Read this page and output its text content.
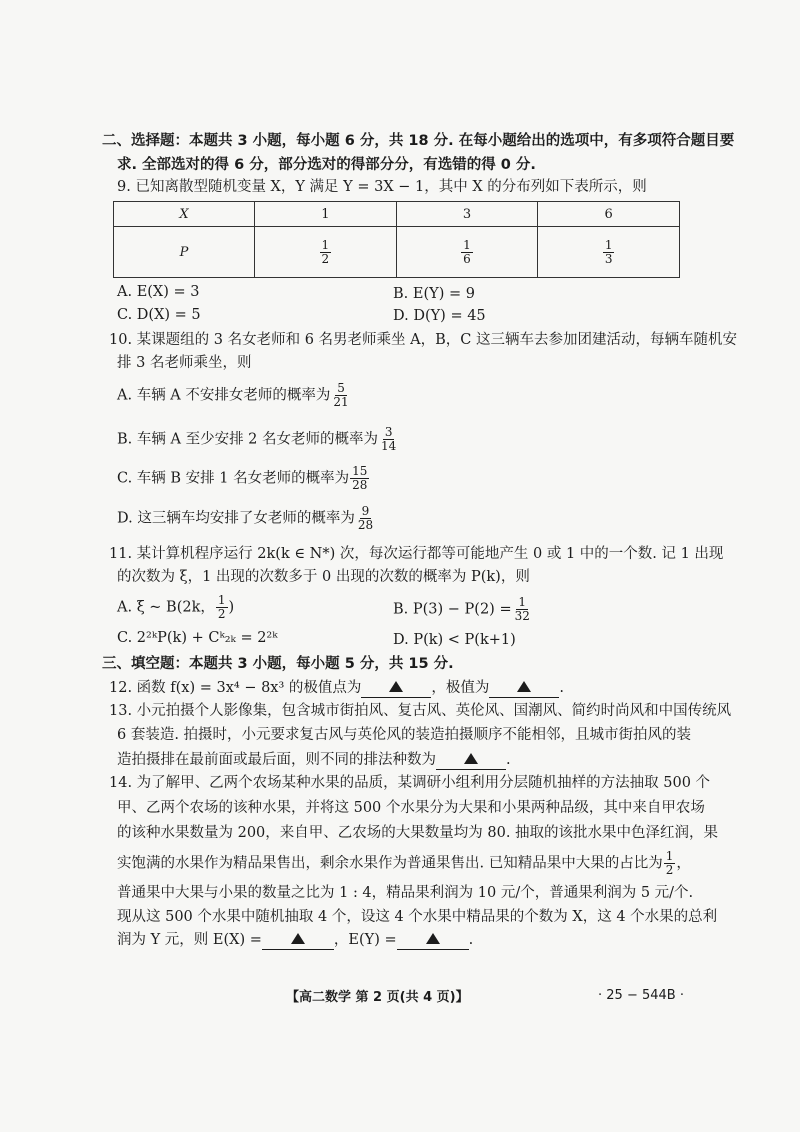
二、选择题：本题共 3 小题，每小题 6 分，共 18 分. 在每小题给出的选项中，有多项符合题目要
求. 全部选对的得 6 分，部分选对的得部分分，有选错的得 0 分.
9. 已知离散型随机变量 X，Y 满足 Y = 3X − 1，其中 X 的分布列如下表所示，则
X	1	3	6
P	$\frac{1}{2}$	$\frac{1}{6}$	$\frac{1}{3}$
A. E(X) = 3	B. E(Y) = 9
C. D(X) = 5	D. D(Y) = 45
10. 某课题组的 3 名女老师和 6 名男老师乘坐 A，B，C 这三辆车去参加团建活动，每辆车随机安
排 3 名老师乘坐，则
A. 车辆 A 不安排女老师的概率为 $\frac{5}{21}$
B. 车辆 A 至少安排 2 名女老师的概率为 $\frac{3}{14}$
C. 车辆 B 安排 1 名女老师的概率为 $\frac{15}{28}$
D. 这三辆车均安排了女老师的概率为 $\frac{9}{28}$
11. 某计算机程序运行 2k(k ∈ N*) 次，每次运行都等可能地产生 0 或 1 中的一个数. 记 1 出现
的次数为 ξ，1 出现的次数多于 0 出现的次数的概率为 P(k)，则
A. ξ ~ B(2k， $\frac{1}{2}$ )	B. $P(3) - P(2) = \frac{1}{32}$
C. 2²ᵏP(k) + Cᵏ₂ₖ = 2²ᵏ	D. P(k) < P(k+1)
三、填空题：本题共 3 小题，每小题 5 分，共 15 分.
12. 函数 f(x) = 3x⁴ − 8x³ 的极值点为	，极值为	.
13. 小元拍摄个人影像集，包含城市街拍风、复古风、英伦风、国潮风、简约时尚风和中国传统风
6 套装造. 拍摄时，小元要求复古风与英伦风的装造拍摄顺序不能相邻，且城市街拍风的装
造拍摄排在最前面或最后面，则不同的排法种数为	.
14. 为了解甲、乙两个农场某种水果的品质，某调研小组利用分层随机抽样的方法抽取 500 个
甲、乙两个农场的该种水果，并将这 500 个水果分为大果和小果两种品级，其中来自甲农场
的该种水果数量为 200，来自甲、乙农场的大果数量均为 80. 抽取的该批水果中色泽红润，果
实饱满的水果作为精品果售出，剩余水果作为普通果售出. 已知精品果中大果的占比为 $\frac{1}{2}$ ，
普通果中大果与小果的数量之比为 1 : 4，精品果利润为 10 元/个，普通果利润为 5 元/个.
现从这 500 个水果中随机抽取 4 个，设这 4 个水果中精品果的个数为 X，这 4 个水果的总利
润为 Y 元，则 E(X) =	，E(Y) =	.
【高二数学 第 2 页(共 4 页)】	· 25 − 544B ·
